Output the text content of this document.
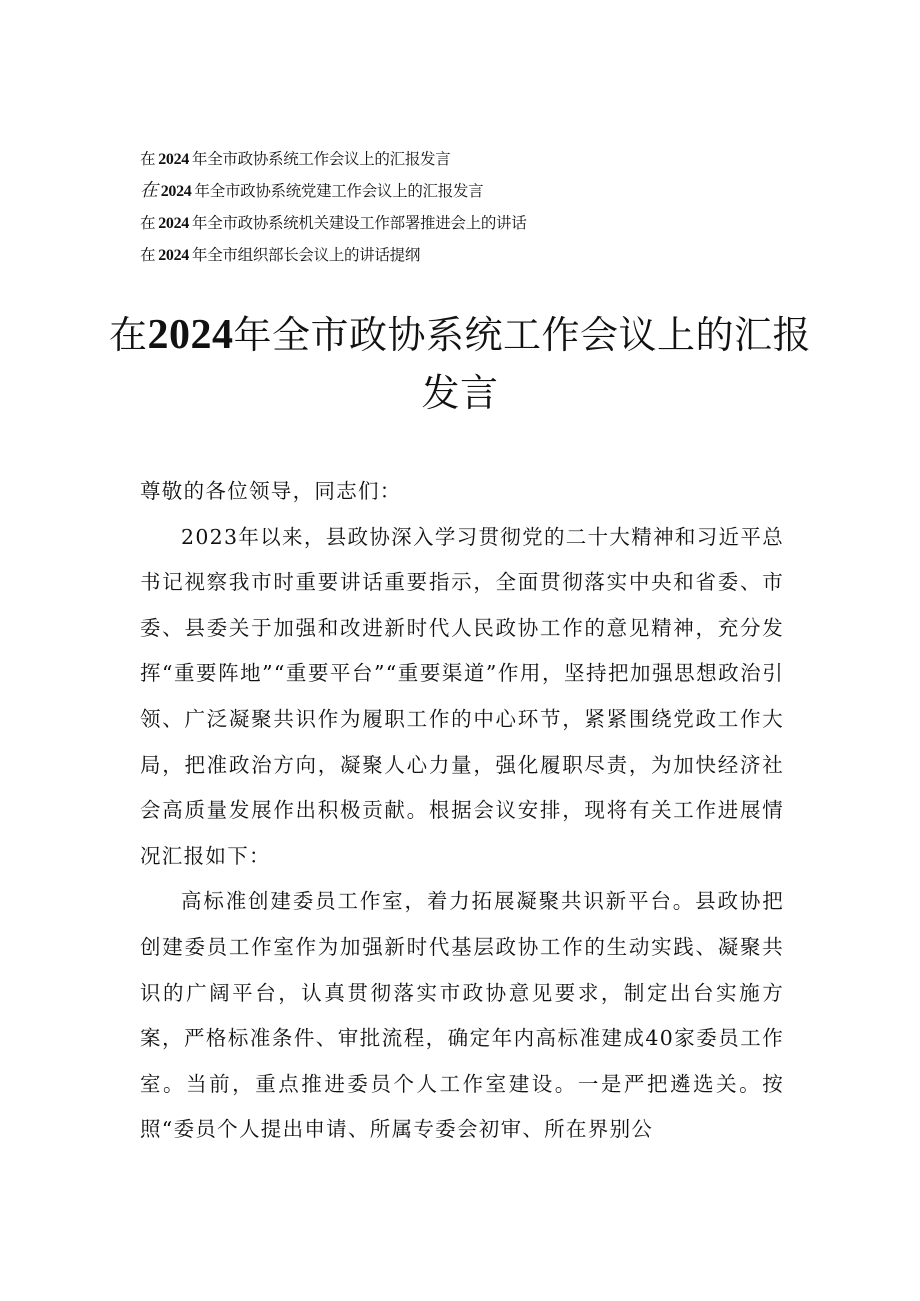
在 2024 年全市政协系统工作会议上的汇报发言
在 2024 年全市政协系统党建工作会议上的汇报发言
在 2024 年全市政协系统机关建设工作部署推进会上的讲话
在 2024 年全市组织部长会议上的讲话提纲
在2024年全市政协系统工作会议上的汇报发言

尊敬的各位领导，同志们：

2023年以来，县政协深入学习贯彻党的二十大精神和习近平总书记视察我市时重要讲话重要指示，全面贯彻落实中央和省委、市委、县委关于加强和改进新时代人民政协工作的意见精神，充分发挥“重要阵地”“重要平台”“重要渠道”作用，坚持把加强思想政治引领、广泛凝聚共识作为履职工作的中心环节，紧紧围绕党政工作大局，把准政治方向，凝聚人心力量，强化履职尽责，为加快经济社会高质量发展作出积极贡献。根据会议安排，现将有关工作进展情况汇报如下：

高标准创建委员工作室，着力拓展凝聚共识新平台。县政协把创建委员工作室作为加强新时代基层政协工作的生动实践、凝聚共识的广阔平台，认真贯彻落实市政协意见要求，制定出台实施方案，严格标准条件、审批流程，确定年内高标准建成40家委员工作室。当前，重点推进委员个人工作室建设。一是严把遴选关。按照“委员个人提出申请、所属专委会初审、所在界别公
